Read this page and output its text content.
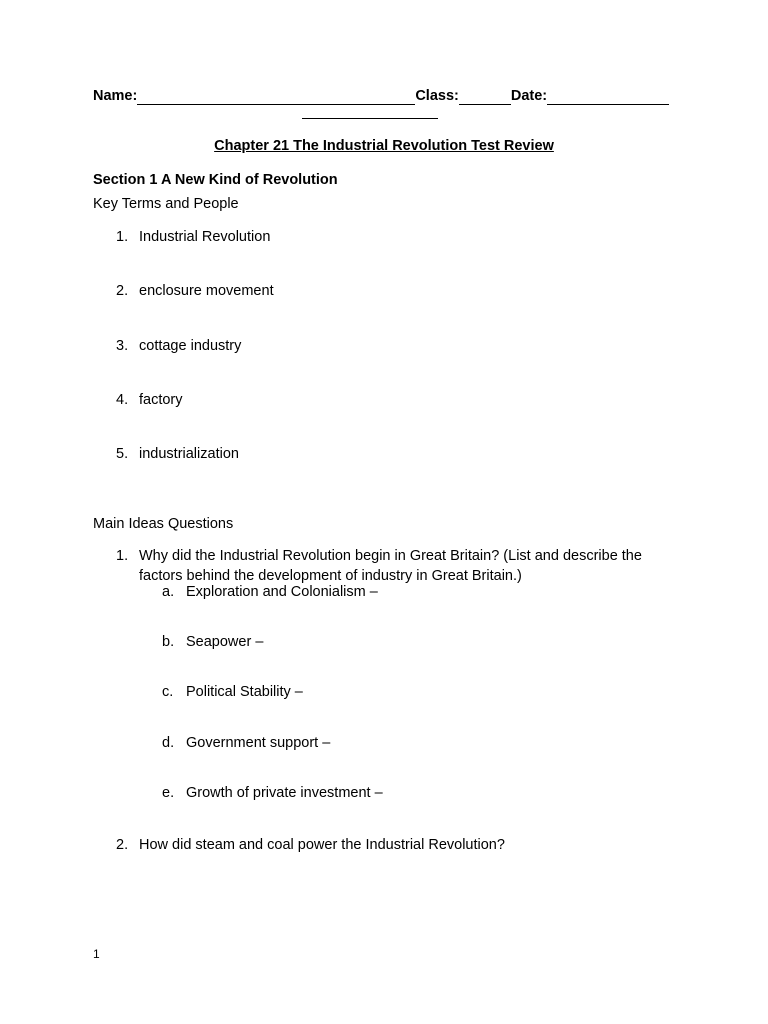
Name:	Class:	Date:
Chapter 21 The Industrial Revolution Test Review
Section 1 A New Kind of Revolution
Key Terms and People
1. Industrial Revolution
2. enclosure movement
3. cottage industry
4. factory
5. industrialization
Main Ideas Questions
1. Why did the Industrial Revolution begin in Great Britain? (List and describe the factors behind the development of industry in Great Britain.)
a. Exploration and Colonialism –
b. Seapower –
c. Political Stability –
d. Government support –
e. Growth of private investment –
2. How did steam and coal power the Industrial Revolution?
1
